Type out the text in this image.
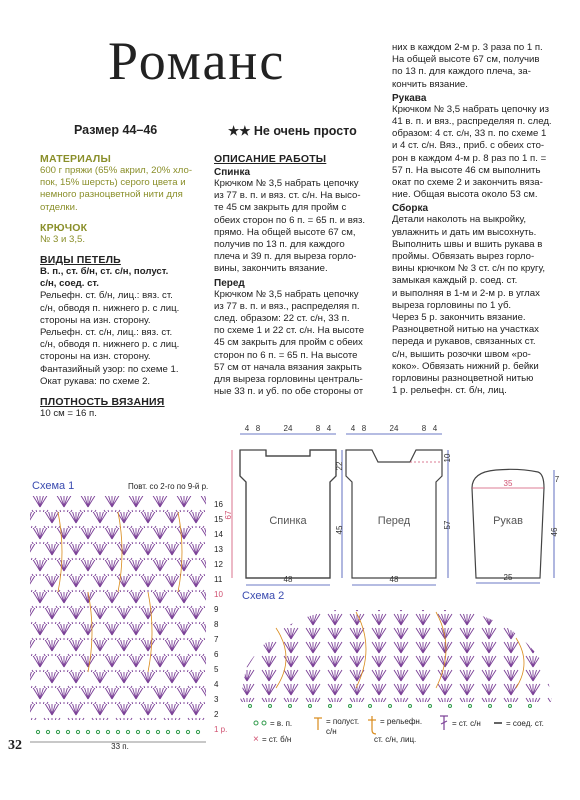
Романс
Размер 44–46	★★ Не очень просто
МАТЕРИАЛЫ
600 г пряжи (65% акрил, 20% хло-
пок, 15% шерсть) серого цвета и
немного разноцветной нити для
отделки.
КРЮЧОК
№ 3 и 3,5.
ВИДЫ ПЕТЕЛЬ
В. п., ст. б/н, ст. с/н, полуст.
с/н, соед. ст.
Рельефн. ст. б/н, лиц.: вяз. ст.
с/н, обводя п. нижнего р. с лиц.
стороны на изн. сторону.
Рельефн. ст. с/н, лиц.: вяз. ст.
с/н, обводя п. нижнего р. с лиц.
стороны на изн. сторону.
Фантазийный узор: по схеме 1.
Окат рукава: по схеме 2.
ПЛОТНОСТЬ ВЯЗАНИЯ
10 см = 16 п.
ОПИСАНИЕ РАБОТЫ
Спинка
Крючком № 3,5 набрать цепочку
из 77 в. п. и вяз. ст. с/н. На высо-
те 45 см закрыть для пройм с
обеих сторон по 6 п. = 65 п. и вяз.
прямо. На общей высоте 67 см,
получив по 13 п. для каждого
плеча и 39 п. для выреза горло-
вины, закончить вязание.
Перед
Крючком № 3,5 набрать цепочку
из 77 в. п. и вяз., распределяя п.
след. образом: 22 ст. с/н, 33 п.
по схеме 1 и 22 ст. с/н. На высоте
45 см закрыть для пройм с обеих
сторон по 6 п. = 65 п. На высоте
57 см от начала вязания закрыть
для выреза горловины централь-
ные 33 п. и уб. по обе стороны от
них в каждом 2-м р. 3 раза по 1 п.
На общей высоте 67 см, получив
по 13 п. для каждого плеча, за-
кончить вязание.
Рукава
Крючком № 3,5 набрать цепочку из
41 в. п. и вяз., распределяя п. след.
образом: 4 ст. с/н, 33 п. по схеме 1
и 4 ст. с/н. Вяз., приб. с обеих сто-
рон в каждом 4-м р. 8 раз по 1 п. =
57 п. На высоте 46 см выполнить
окат по схеме 2 и закончить вяза-
ние. Общая высота около 53 см.
Сборка
Детали наколоть на выкройку,
увлажнить и дать им высохнуть.
Выполнить швы и вшить рукава в
проймы. Обвязать вырез горло-
вины крючком № 3 ст. с/н по кругу,
замыкая каждый р. соед. ст.
и выполняя в 1-м и 2-м р. в углах
выреза горловины по 1 уб.
Через 5 р. закончить вязание.
Разноцветной нитью на участках
переда и рукавов, связанных ст.
с/н, вышить розочки швом «ро-
коко». Обвязать нижний р. бейки
горловины разноцветной нитью
1 р. рельефн. ст. б/н, лиц.
Спинка
4 8	24	8 4
67
22
45
48
Перед
4 8	24	8 4
10
57
48
Рукав
35	7
46
25
Схема 1	Повт. со 2-го по 9-й р.
16
15
14
13
12
11
10
9
8
7
6
5
4
3
2
1 р.
33 п.
Схема 2
= в. п.
× = ст. б/н
= полуст.
с/н
= рельефн.
ст. с/н, лиц.
= ст. с/н	= соед. ст.
32
